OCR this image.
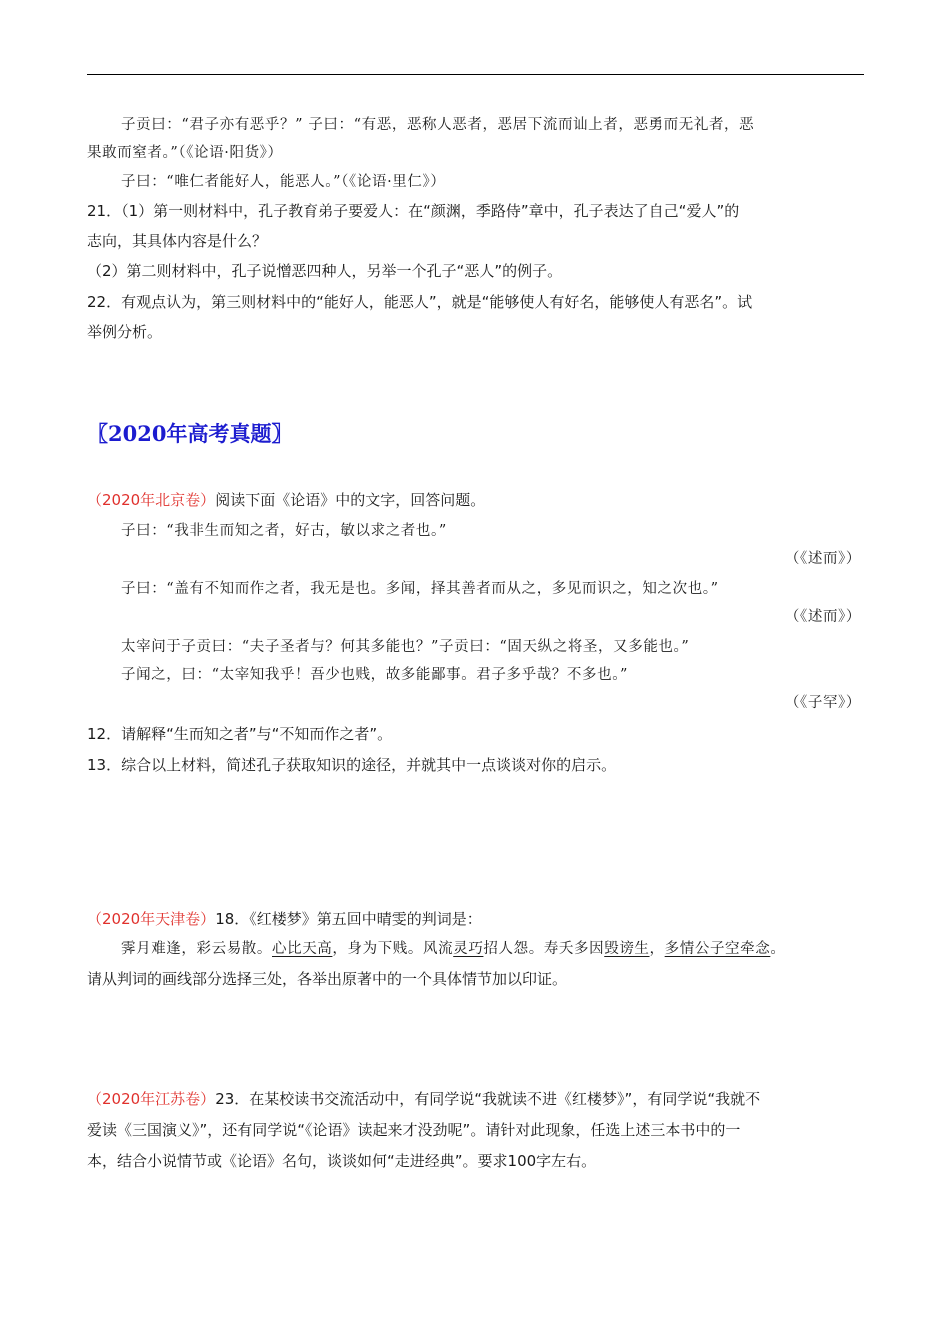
子贡曰：“君子亦有恶乎？” 子曰：“有恶，恶称人恶者，恶居下流而讪上者，恶勇而无礼者，恶
果敢而窒者。”（《论语·阳货》）
子曰：“唯仁者能好人，能恶人。”（《论语·里仁》）
21．（1）第一则材料中，孔子教育弟子要爱人：在“颜渊，季路侍”章中，孔子表达了自己“爱人”的
志向，其具体内容是什么？
（2）第二则材料中，孔子说憎恶四种人，另举一个孔子“恶人”的例子。
22．有观点认为，第三则材料中的“能好人，能恶人”，就是“能够使人有好名，能够使人有恶名”。试
举例分析。
〖2020年高考真题〗
（2020年北京卷）阅读下面《论语》中的文字，回答问题。
子曰：“我非生而知之者，好古，敏以求之者也。”
（《述而》）
子曰：“盖有不知而作之者，我无是也。多闻，择其善者而从之，多见而识之，知之次也。”
（《述而》）
太宰问于子贡曰：“夫子圣者与？何其多能也？”子贡曰：“固天纵之将圣，又多能也。”
子闻之，曰：“太宰知我乎！吾少也贱，故多能鄙事。君子多乎哉？不多也。”
（《子罕》）
12．请解释“生而知之者”与“不知而作之者”。
13．综合以上材料，简述孔子获取知识的途径，并就其中一点谈谈对你的启示。
（2020年天津卷）18．《红楼梦》第五回中晴雯的判词是：
霁月难逢，彩云易散。心比天高，身为下贱。风流灵巧招人怨。寿夭多因毁谤生，多情公子空牵念。
请从判词的画线部分选择三处，各举出原著中的一个具体情节加以印证。
（2020年江苏卷）23．在某校读书交流活动中，有同学说“我就读不进《红楼梦》”，有同学说“我就不
爱读《三国演义》”，还有同学说“《论语》读起来才没劲呢”。请针对此现象，任选上述三本书中的一
本，结合小说情节或《论语》名句，谈谈如何“走进经典”。要求100字左右。
